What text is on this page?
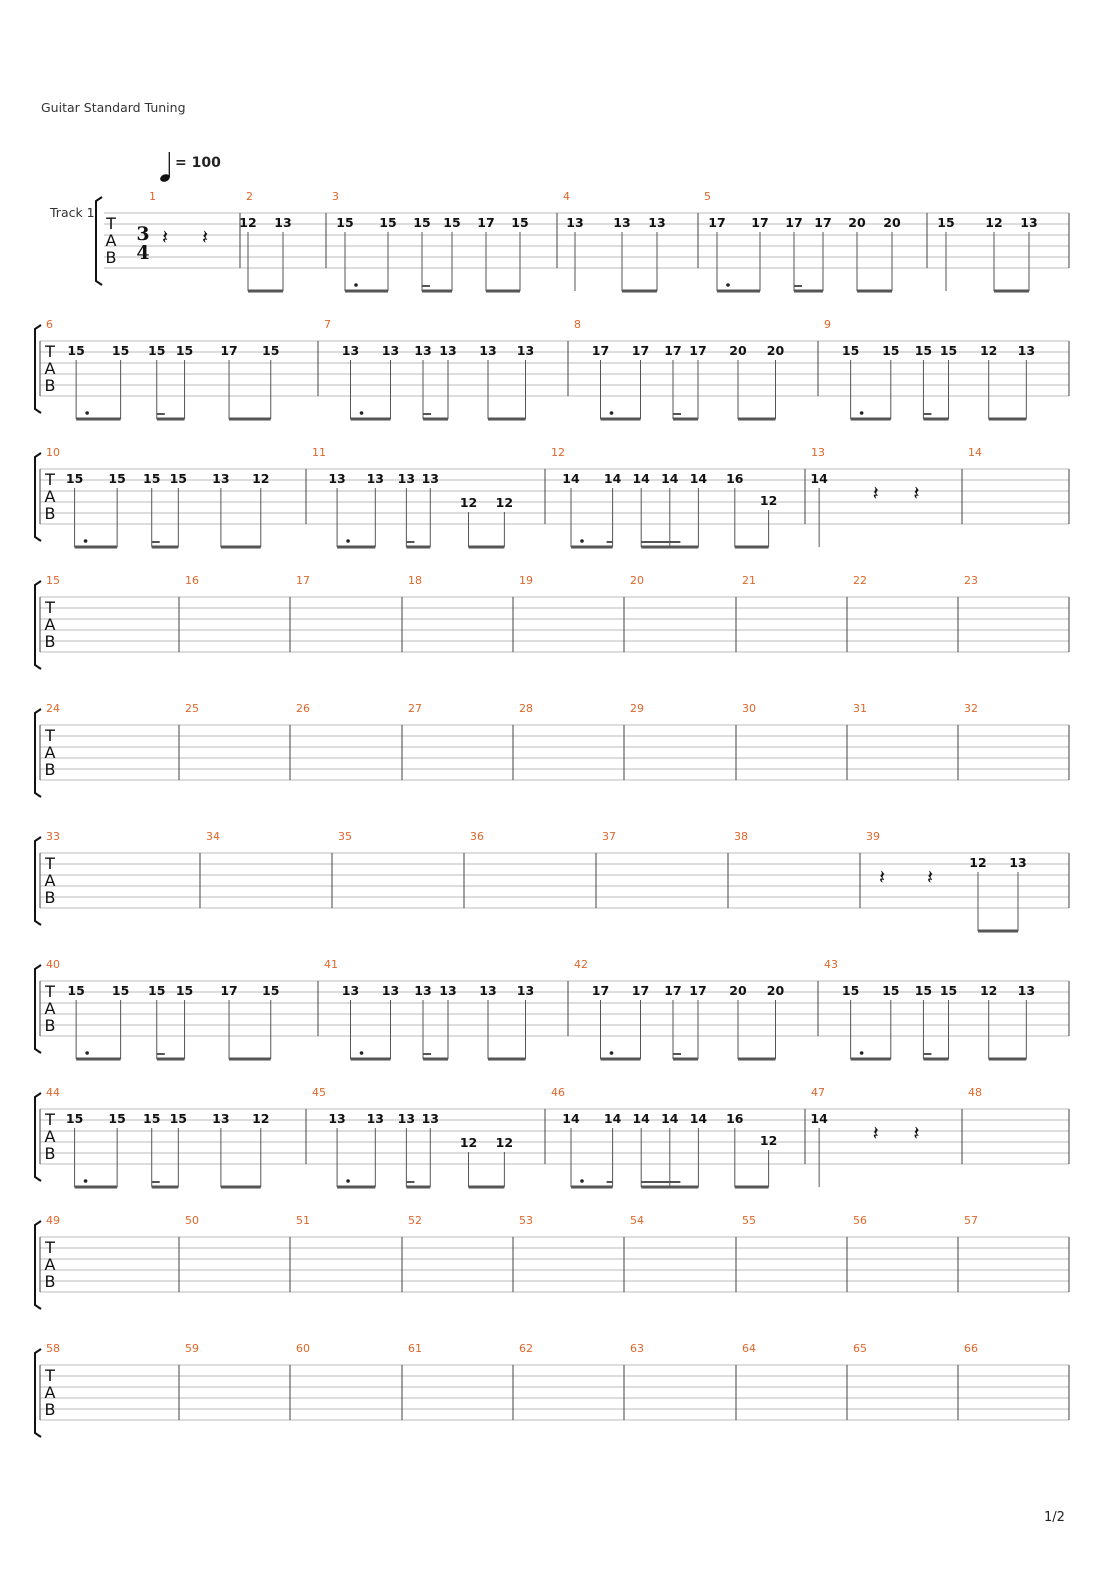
Guitar Standard Tuning
= 100
Track 1
1/2
T
A
B
3
4
1
𝄽 𝄽
12 13
2
15 15 15 15 17 15
3
13 13 13
4
17 17 17 17 20 20
5
15 12 13
T
A
B
6
15 15 15 15 17 15
7
13 13 13 13 13 13
8
17 17 17 17 20 20
9
15 15 15 15 12 13
T
A
B
10
15 15 15 15 13 12
11
13 13 13 13
12 12
12
14 14 14 14 14 16
12
13
14
𝄽 𝄽
14
T
A
B
15	16	17	18	19	20	21	22	23
T
A
B
24	25	26	27	28	29	30	31	32
T
A
B
33	34	35	36	37	38	39
𝄽 𝄽
12 13
T
A
B
40
15 15 15 15 17 15
41
13 13 13 13 13 13
42
17 17 17 17 20 20
43
15 15 15 15 12 13
T
A
B
44
15 15 15 15 13 12
45
13 13 13 13
12 12
46
14 14 14 14 14 16
12
47
14
𝄽 𝄽
48
T
A
B
49	50	51	52	53	54	55	56	57
T
A
B
58	59	60	61	62	63	64	65	66
